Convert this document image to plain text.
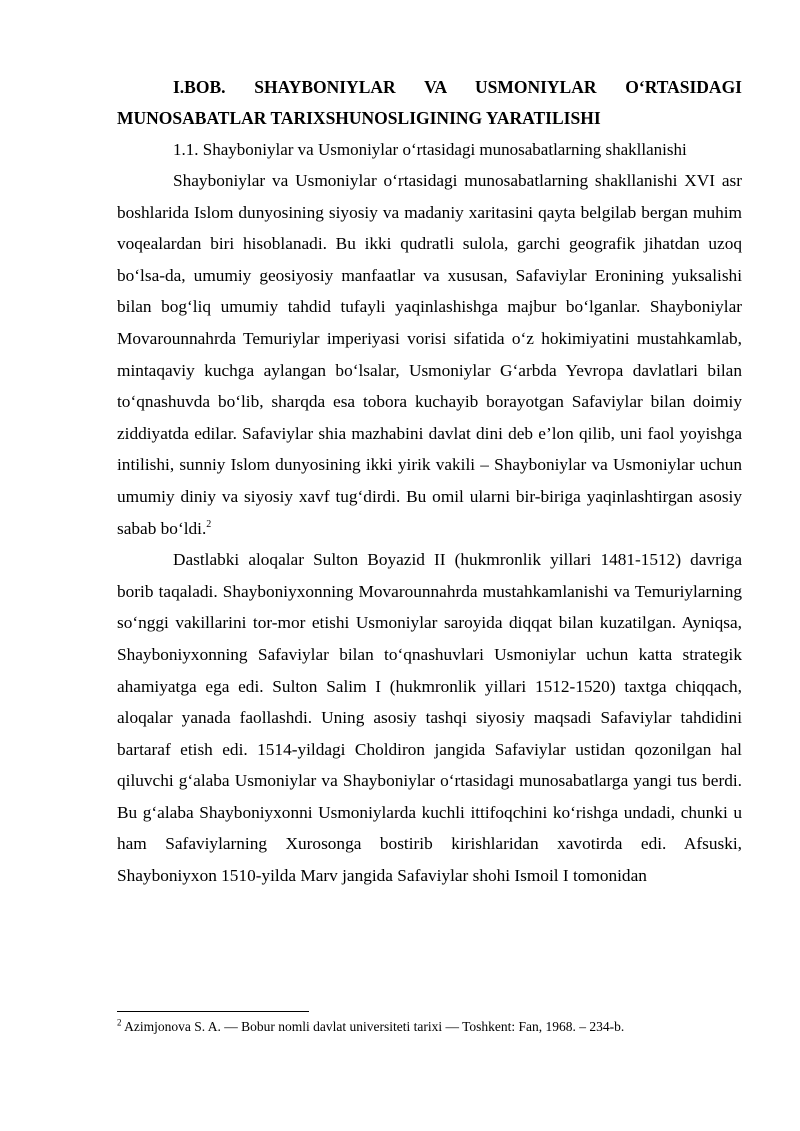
I.BOB. SHAYBONIYLAR VA USMONIYLAR O‘RTASIDAGI MUNOSABATLAR TARIXSHUNOSLIGINING YARATILISHI

1.1. Shayboniylar va Usmoniylar o‘rtasidagi munosabatlarning shakllanishi

Shayboniylar va Usmoniylar o‘rtasidagi munosabatlarning shakllanishi XVI asr boshlarida Islom dunyosining siyosiy va madaniy xaritasini qayta belgilab bergan muhim voqealardan biri hisoblanadi. Bu ikki qudratli sulola, garchi geografik jihatdan uzoq bo‘lsa-da, umumiy geosiyosiy manfaatlar va xususan, Safaviylar Eronining yuksalishi bilan bog‘liq umumiy tahdid tufayli yaqinlashishga majbur bo‘lganlar. Shayboniylar Movarounnahrda Temuriylar imperiyasi vorisi sifatida o‘z hokimiyatini mustahkamlab, mintaqaviy kuchga aylangan bo‘lsalar, Usmoniylar G‘arbda Yevropa davlatlari bilan to‘qnashuvda bo‘lib, sharqda esa tobora kuchayib borayotgan Safaviylar bilan doimiy ziddiyatda edilar. Safaviylar shia mazhabini davlat dini deb e’lon qilib, uni faol yoyishga intilishi, sunniy Islom dunyosining ikki yirik vakili – Shayboniylar va Usmoniylar uchun umumiy diniy va siyosiy xavf tug‘dirdi. Bu omil ularni bir-biriga yaqinlashtirgan asosiy sabab bo‘ldi.$^2$

Dastlabki aloqalar Sulton Boyazid II (hukmronlik yillari 1481-1512) davriga borib taqaladi. Shayboniyxonning Movarounnahrda mustahkamlanishi va Temuriylarning so‘nggi vakillarini tor-mor etishi Usmoniylar saroyida diqqat bilan kuzatilgan. Ayniqsa, Shayboniyxonning Safaviylar bilan to‘qnashuvlari Usmoniylar uchun katta strategik ahamiyatga ega edi. Sulton Salim I (hukmronlik yillari 1512-1520) taxtga chiqqach, aloqalar yanada faollashdi. Uning asosiy tashqi siyosiy maqsadi Safaviylar tahdidini bartaraf etish edi. 1514-yildagi Choldiron jangida Safaviylar ustidan qozonilgan hal qiluvchi g‘alaba Usmoniylar va Shayboniylar o‘rtasidagi munosabatlarga yangi tus berdi. Bu g‘alaba Shayboniyxonni Usmoniylarda kuchli ittifoqchini ko‘rishga undadi, chunki u ham Safaviylarning Xurosonga bostirib kirishlaridan xavotirda edi. Afsuski, Shayboniyxon 1510-yilda Marv jangida Safaviylar shohi Ismoil I tomonidan

$^2$ Azimjonova S. A. — Bobur nomli davlat universiteti tarixi — Toshkent: Fan, 1968. – 234-b.
